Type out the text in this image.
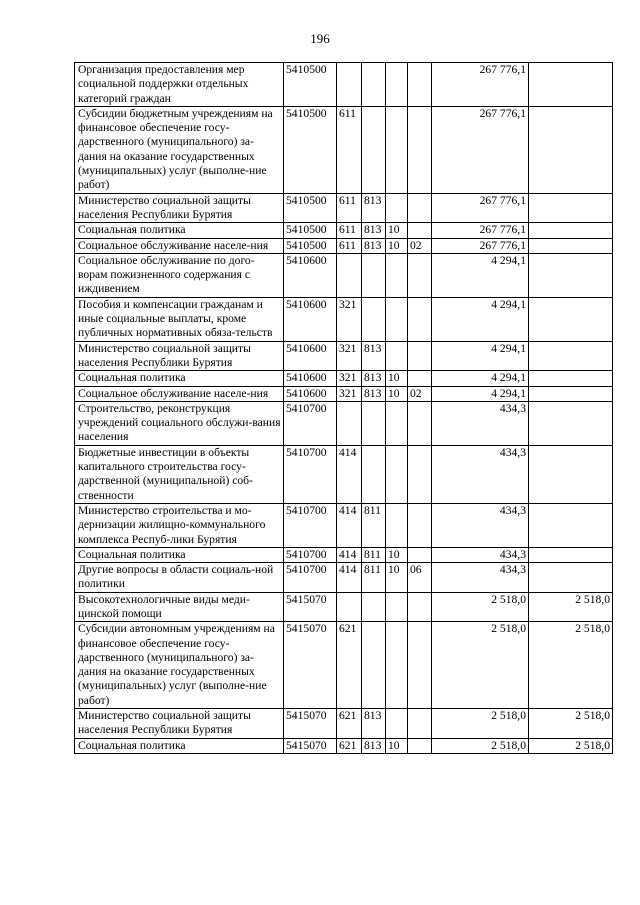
196
Организация предоставления мер социальной поддержки отдельных категорий граждан	5410500					267 776,1	
Субсидии бюджетным учреждениям на финансовое обеспечение госу-дарственного (муниципального) за-дания на оказание государственных (муниципальных) услуг (выполне-ние работ)	5410500	611				267 776,1	
Министерство социальной защиты населения Республики Бурятия	5410500	611	813			267 776,1	
Социальная политика	5410500	611	813	10		267 776,1	
Социальное обслуживание населе-ния	5410500	611	813	10	02	267 776,1	
Социальное обслуживание по дого-ворам пожизненного содержания с иждивением	5410600					4 294,1	
Пособия и компенсации гражданам и иные социальные выплаты, кроме публичных нормативных обяза-тельств	5410600	321				4 294,1	
Министерство социальной защиты населения Республики Бурятия	5410600	321	813			4 294,1	
Социальная политика	5410600	321	813	10		4 294,1	
Социальное обслуживание населе-ния	5410600	321	813	10	02	4 294,1	
Строительство, реконструкция учреждений социального обслужи-вания населения	5410700					434,3	
Бюджетные инвестиции в объекты капитального строительства госу-дарственной (муниципальной) соб-ственности	5410700	414				434,3	
Министерство строительства и мо-дернизации жилищно-коммунального комплекса Респуб-лики Бурятия	5410700	414	811			434,3	
Социальная политика	5410700	414	811	10		434,3	
Другие вопросы в области социаль-ной политики	5410700	414	811	10	06	434,3	
Высокотехнологичные виды меди-цинской помощи	5415070					2 518,0	2 518,0
Субсидии автономным учреждениям на финансовое обеспечение госу-дарственного (муниципального) за-дания на оказание государственных (муниципальных) услуг (выполне-ние работ)	5415070	621				2 518,0	2 518,0
Министерство социальной защиты населения Республики Бурятия	5415070	621	813			2 518,0	2 518,0
Социальная политика	5415070	621	813	10		2 518,0	2 518,0
